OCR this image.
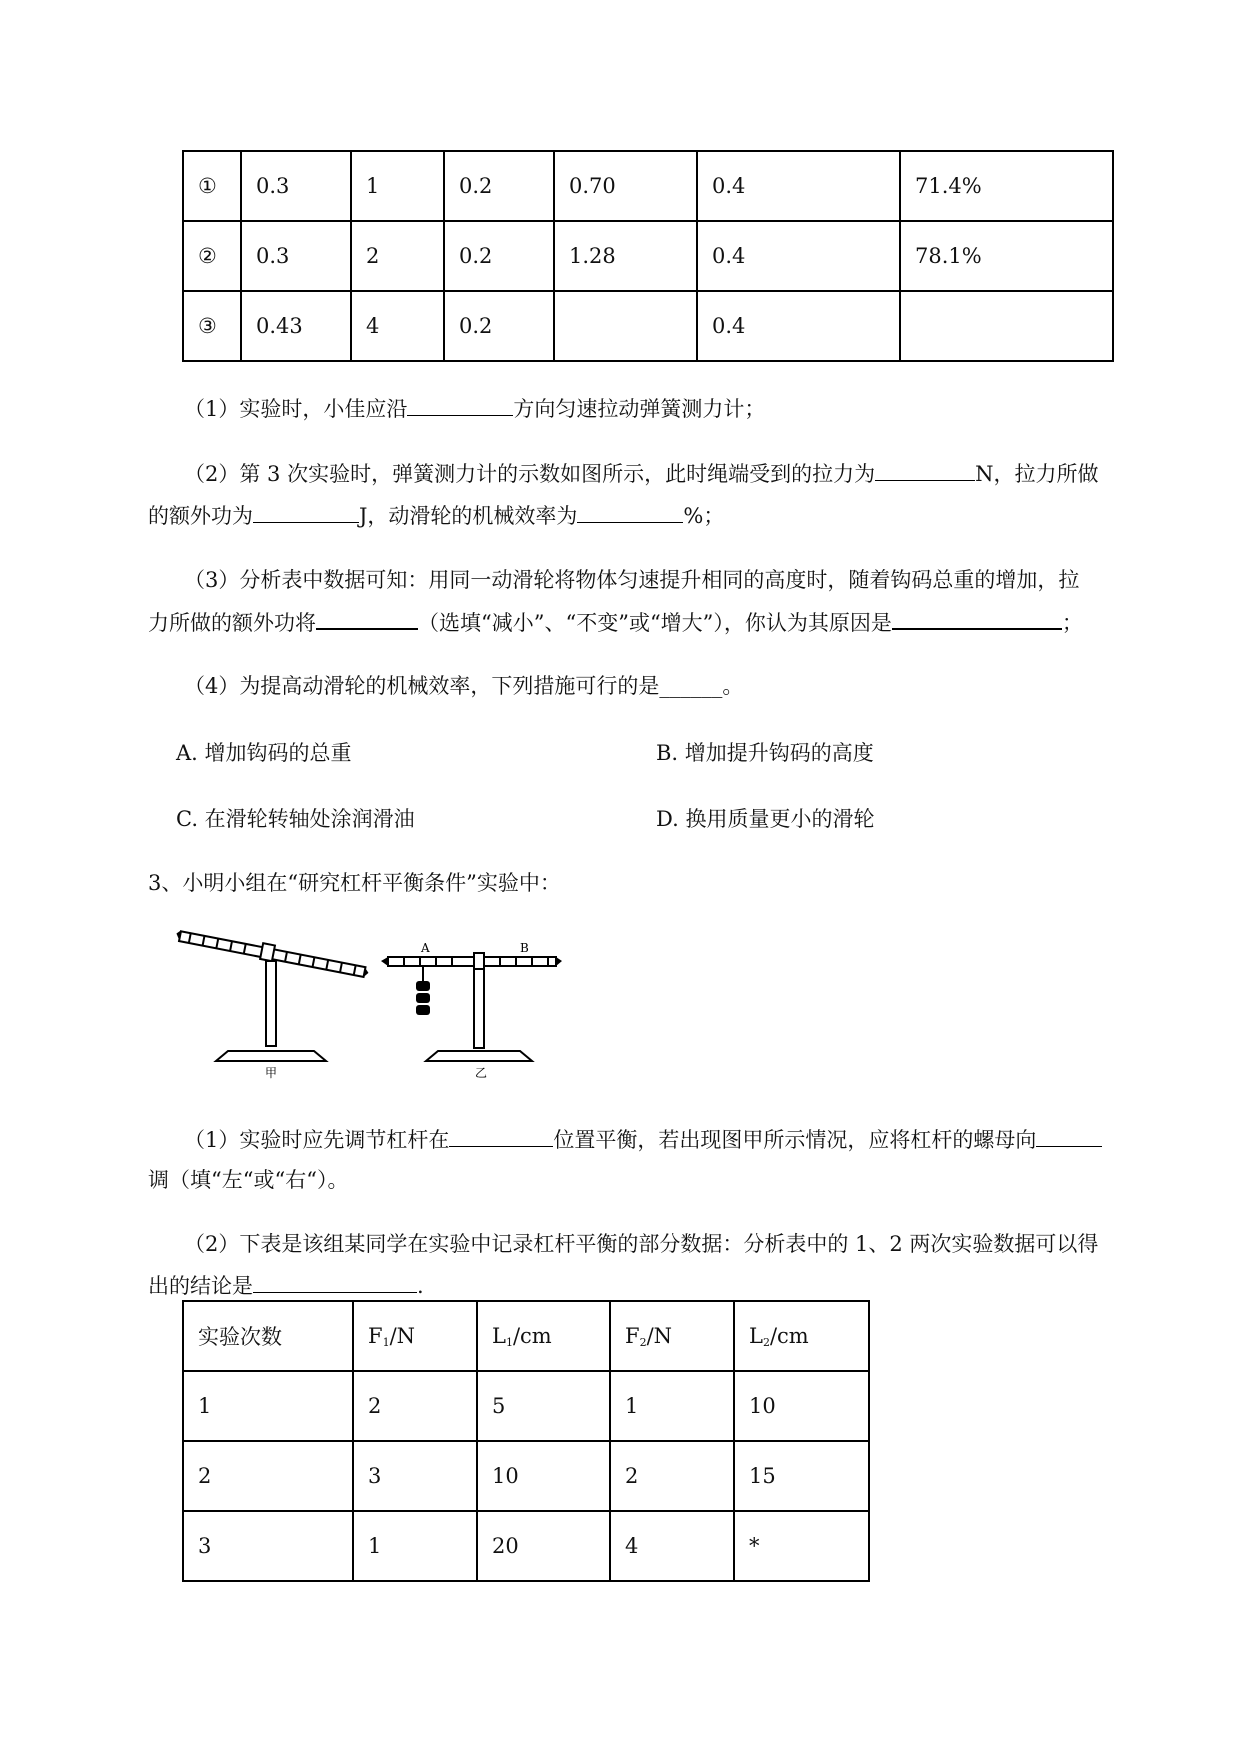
①	0.3	1	0.2	0.70	0.4	71.4%
②	0.3	2	0.2	1.28	0.4	78.1%
③	0.43	4	0.2		0.4	
（1）实验时，小佳应沿	方向匀速拉动弹簧测力计；
（2）第 3 次实验时，弹簧测力计的示数如图所示，此时绳端受到的拉力为	N，拉力所做
的额外功为	J，动滑轮的机械效率为	%；
（3）分析表中数据可知：用同一动滑轮将物体匀速提升相同的高度时，随着钩码总重的增加，拉
力所做的额外功将	（选填“减小”、“不变”或“增大”），你认为其原因是	；
（4）为提高动滑轮的机械效率，下列措施可行的是______。
A. 增加钩码的总重	B. 增加提升钩码的高度
C. 在滑轮转轴处涂润滑油	D. 换用质量更小的滑轮
3、小明小组在“研究杠杆平衡条件”实验中：
甲
A	B
乙
（1）实验时应先调节杠杆在	位置平衡，若出现图甲所示情况，应将杠杆的螺母向
调（填“左“或“右“）。
（2）下表是该组某同学在实验中记录杠杆平衡的部分数据：分析表中的 1、2 两次实验数据可以得
出的结论是	.
实验次数	$F_1/N$	$L_1/cm$	$F_2/N$	$L_2/cm$
1	2	5	1	10
2	3	10	2	15
3	1	20	4	*
